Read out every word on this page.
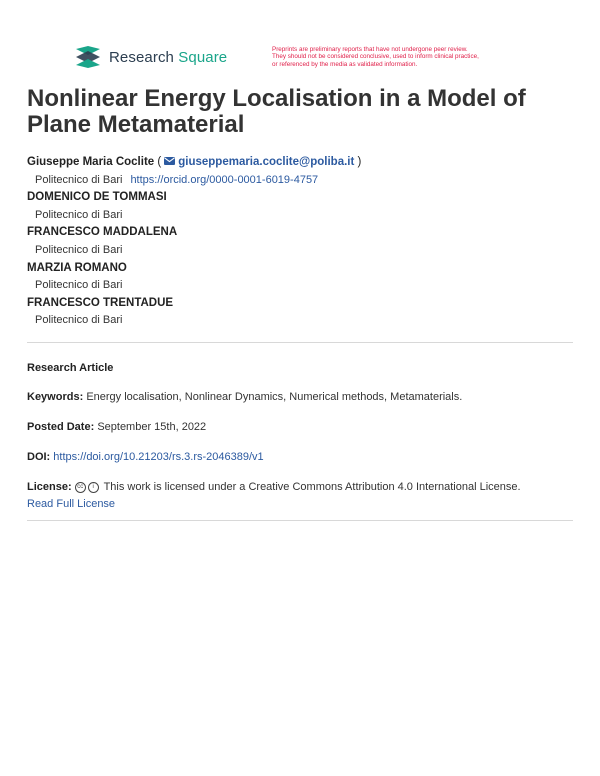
Research Square	Preprints are preliminary reports that have not undergone peer review.
They should not be considered conclusive, used to inform clinical practice,
or referenced by the media as validated information.
Nonlinear Energy Localisation in a Model of Plane Metamaterial
Giuseppe Maria Coclite ( giuseppemaria.coclite@poliba.it )
Politecnico di Bari https://orcid.org/0000-0001-6019-4757
DOMENICO DE TOMMASI
Politecnico di Bari
FRANCESCO MADDALENA
Politecnico di Bari
MARZIA ROMANO
Politecnico di Bari
FRANCESCO TRENTADUE
Politecnico di Bari
Research Article
Keywords: Energy localisation, Nonlinear Dynamics, Numerical methods, Metamaterials.
Posted Date: September 15th, 2022
DOI: https://doi.org/10.21203/rs.3.rs-2046389/v1
License: cc i This work is licensed under a Creative Commons Attribution 4.0 International License.
Read Full License
